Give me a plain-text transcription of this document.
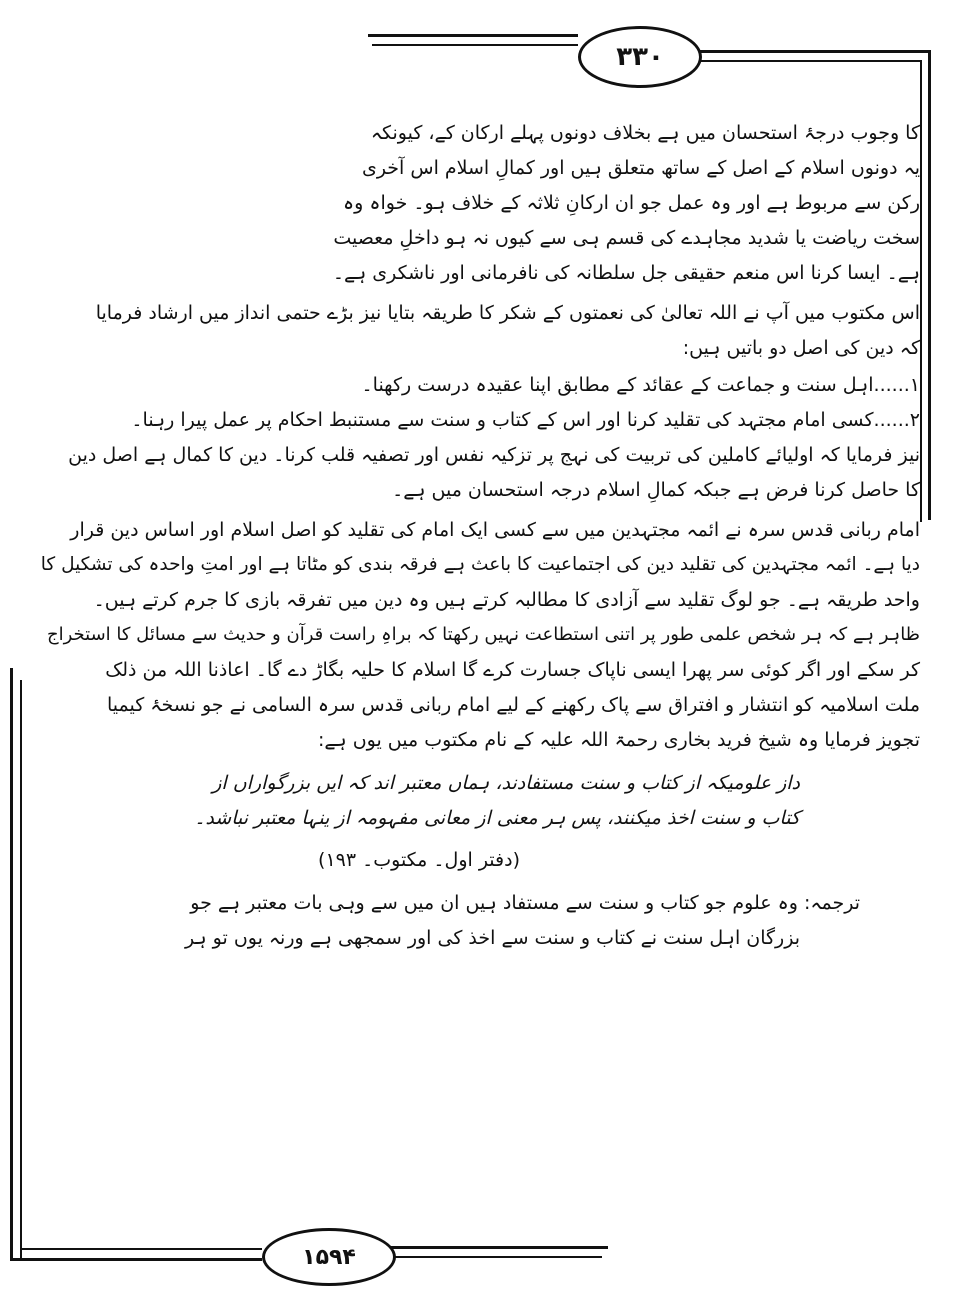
۳۳۰
۱۵۹۴
کا وجوب درجۂ استحسان میں ہے بخلاف دونوں پہلے ارکان کے، کیونکہ
یہ دونوں اسلام کے اصل کے ساتھ متعلق ہیں اور کمالِ اسلام اس آخری
رکن سے مربوط ہے اور وہ عمل جو ان ارکانِ ثلاثہ کے خلاف ہو۔ خواہ وہ
سخت ریاضت یا شدید مجاہدے کی قسم ہی سے کیوں نہ ہو داخلِ معصیت
ہے۔ ایسا کرنا اس منعم حقیقی جل سلطانہ کی نافرمانی اور ناشکری ہے۔
اس مکتوب میں آپ نے اللہ تعالیٰ کی نعمتوں کے شکر کا طریقہ بتایا نیز بڑے حتمی انداز میں ارشاد فرمایا
کہ دین کی اصل دو باتیں ہیں:
۱......اہل سنت و جماعت کے عقائد کے مطابق اپنا عقیدہ درست رکھنا۔
۲......کسی امام مجتہد کی تقلید کرنا اور اس کے کتاب و سنت سے مستنبط احکام پر عمل پیرا رہنا۔
نیز فرمایا کہ اولیائے کاملین کی تربیت کی نہج پر تزکیہ نفس اور تصفیہ قلب کرنا۔ دین کا کمال ہے اصل دین
کا حاصل کرنا فرض ہے جبکہ کمالِ اسلام درجہ استحسان میں ہے۔
امام ربانی قدس سرہ نے ائمہ مجتہدین میں سے کسی ایک امام کی تقلید کو اصل اسلام اور اساس دین قرار
دیا ہے۔ ائمہ مجتہدین کی تقلید دین کی اجتماعیت کا باعث ہے فرقہ بندی کو مٹاتا ہے اور امتِ واحدہ کی تشکیل کا
واحد طریقہ ہے۔ جو لوگ تقلید سے آزادی کا مطالبہ کرتے ہیں وہ دین میں تفرقہ بازی کا جرم کرتے ہیں۔
ظاہر ہے کہ ہر شخص علمی طور پر اتنی استطاعت نہیں رکھتا کہ براہِ راست قرآن و حدیث سے مسائل کا استخراج
کر سکے اور اگر کوئی سر پھرا ایسی ناپاک جسارت کرے گا اسلام کا حلیہ بگاڑ دے گا۔ اعاذنا اللہ من ذلک
ملت اسلامیہ کو انتشار و افتراق سے پاک رکھنے کے لیے امام ربانی قدس سرہ السامی نے جو نسخۂ کیمیا
تجویز فرمایا وہ شیخ فرید بخاری رحمۃ اللہ علیہ کے نام مکتوب میں یوں ہے:
داز علومیکہ از کتاب و سنت مستفادند، ہماں معتبر اند کہ ایں بزرگواراں از
کتاب و سنت اخذ میکنند، پس ہر معنی از معانی مفہومہ از ینہا معتبر نباشد۔
(دفتر اول۔ مکتوب۔ ۱۹۳)
ترجمہ: وہ علوم جو کتاب و سنت سے مستفاد ہیں ان میں سے وہی بات معتبر ہے جو
بزرگان اہل سنت نے کتاب و سنت سے اخذ کی اور سمجھی ہے ورنہ یوں تو ہر
